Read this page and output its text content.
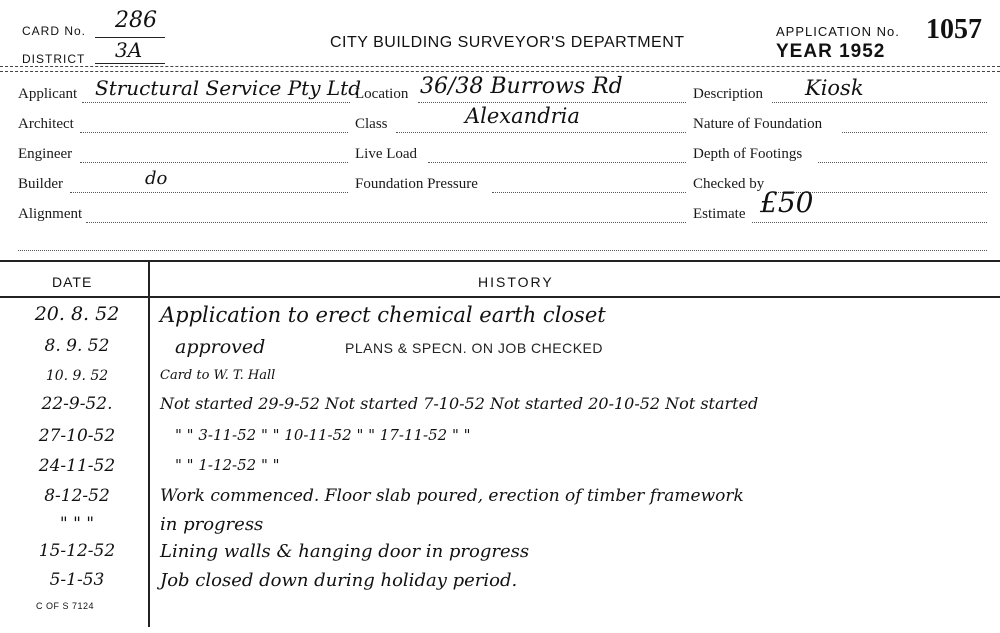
CARD No. 286
DISTRICT 3A	CITY BUILDING SURVEYOR'S DEPARTMENT
APPLICATION No. 1057
YEAR 1952
Applicant Structural Service Pty Ltd
Location 36/38 Burrows Rd	Description Kiosk
Architect	Class	Alexandria	Nature of Foundation
Engineer	Live Load	Depth of Footings
Builder	do	Foundation Pressure	Checked by
Alignment	Estimate £50
DATE	HISTORY
20. 8. 52	Application to erect chemical earth closet
8. 9. 52	approved	PLANS & SPECN. ON JOB CHECKED
10. 9. 52	Card to W. T. Hall
22-9-52.	Not started 29-9-52 Not started 7-10-52 Not started 20-10-52 Not started
27-10-52	" " 3-11-52 " " 10-11-52 " " 17-11-52 " "
24-11-52	" " 1-12-52 " "
8-12-52	Work commenced. Floor slab poured, erection of timber framework
" " "	in progress
15-12-52	Lining walls & hanging door in progress
5-1-53	Job closed down during holiday period.
C OF S 7124
